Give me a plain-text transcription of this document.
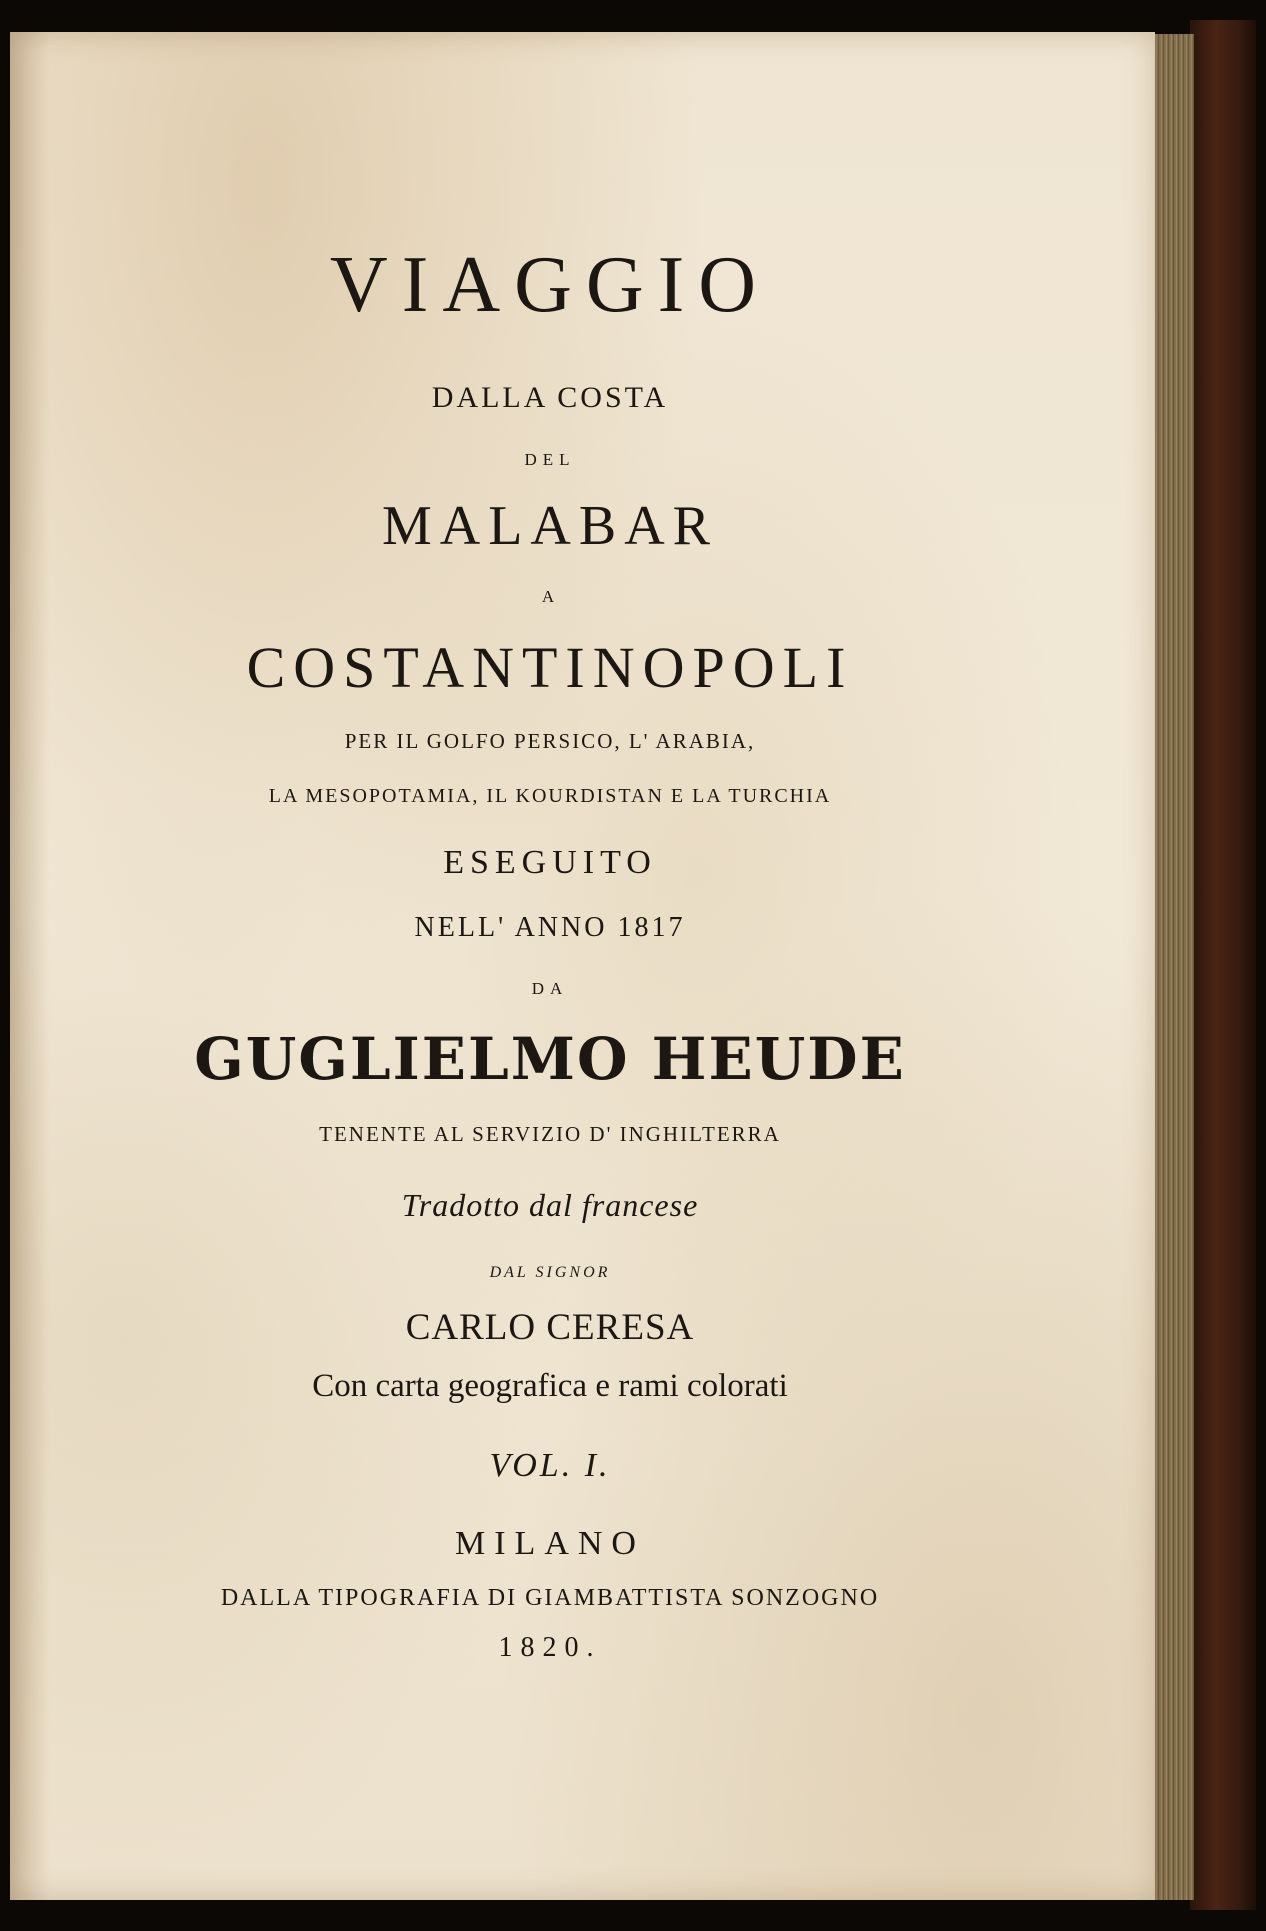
VIAGGIO
DALLA COSTA
DEL
MALABAR
A
COSTANTINOPOLI
PER IL GOLFO PERSICO, L' ARABIA,
LA MESOPOTAMIA, IL KOURDISTAN E LA TURCHIA
ESEGUITO
NELL' ANNO 1817
DA
GUGLIELMO HEUDE
TENENTE AL SERVIZIO D' INGHILTERRA
Tradotto dal francese
DAL SIGNOR
CARLO CERESA
Con carta geografica e rami colorati
VOL. I.
MILANO
DALLA TIPOGRAFIA DI GIAMBATTISTA SONZOGNO
1820.
